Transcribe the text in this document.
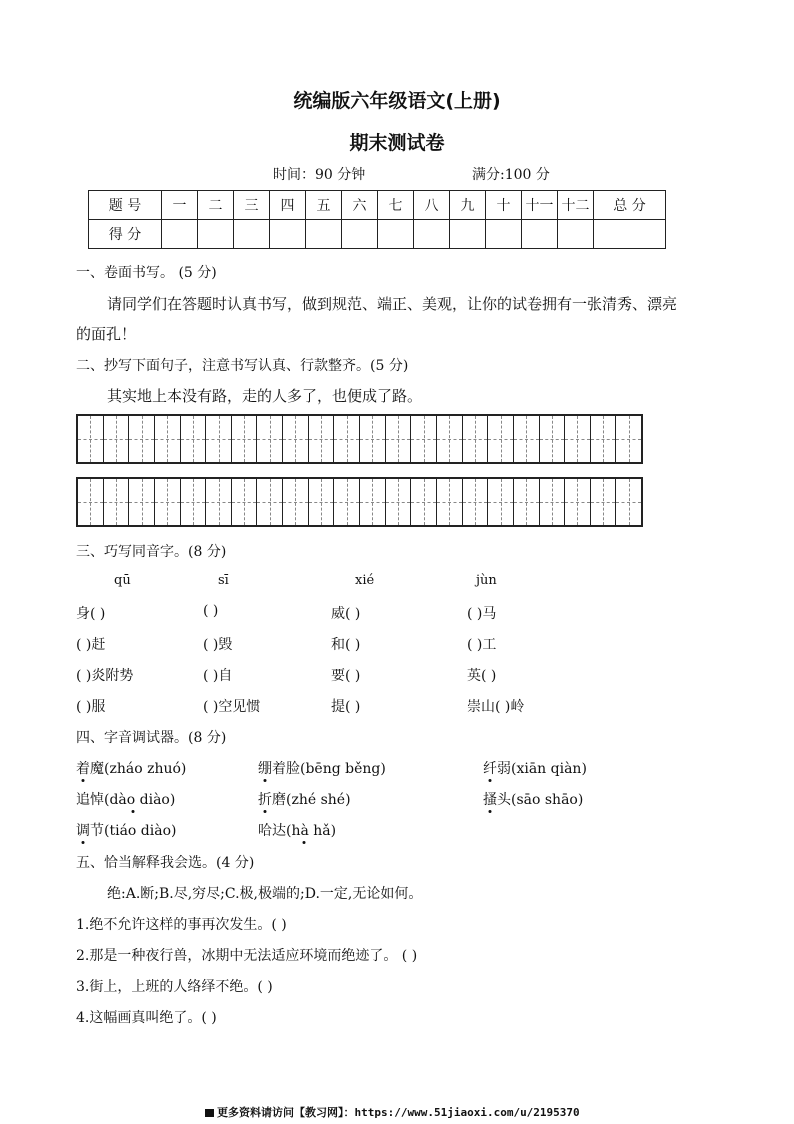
统编版六年级语文(上册)
期末测试卷
时间：90 分钟	满分:100 分
题 号	一	二	三	四	五	六	七	八	九	十	十一	十二	总 分
得 分													
一、卷面书写。 (5 分)
请同学们在答题时认真书写，做到规范、端正、美观，让你的试卷拥有一张清秀、漂亮
的面孔！
二、抄写下面句子，注意书写认真、行款整齐。(5 分)
其实地上本没有路，走的人多了，也便成了路。
三、巧写同音字。(8 分)
qū	sī	xié	jùn
身( )	( )	威( )	( )马
( )赶	( )毁	和( )	( )工
( )炎附势	( )自	要( )	英( )
( )服	( )空见惯	提( )	崇山( )岭
四、字音调试器。(8 分)
着魔(zháo zhuó)	绷着脸(bēng běng)	纤弱(xiān qiàn)
追悼(dào diào)	折磨(zhé shé)	搔头(sāo shāo)
调节(tiáo diào)	哈达(hà hǎ)
五、恰当解释我会选。(4 分)
绝:A.断;B.尽,穷尽;C.极,极端的;D.一定,无论如何。
1.绝不允许这样的事再次发生。( )
2.那是一种夜行兽，冰期中无法适应环境而绝迹了。 ( )
3.街上，上班的人络绎不绝。( )
4.这幅画真叫绝了。( )
更多资料请访问【教习网】：https://www.51jiaoxi.com/u/2195370
